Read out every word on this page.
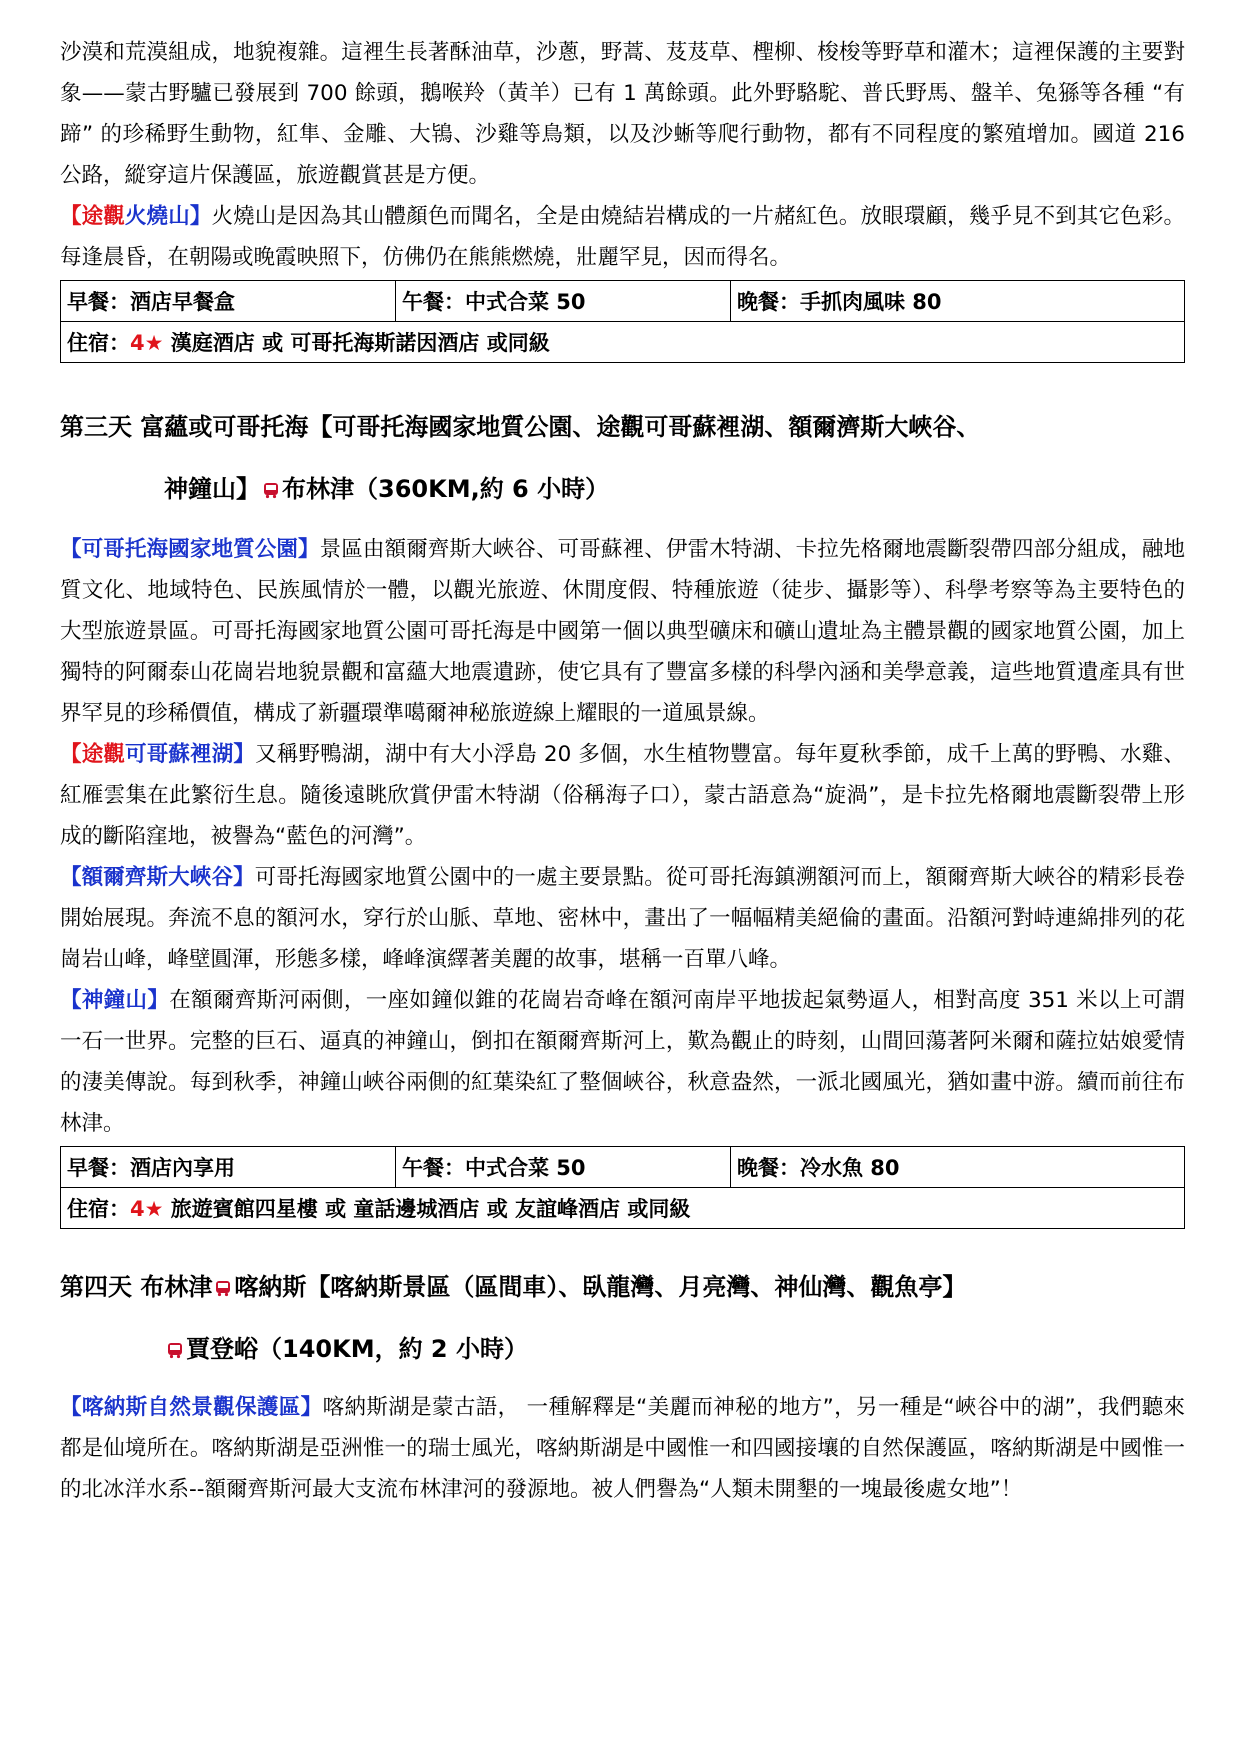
沙漠和荒漠組成，地貌複雜。這裡生長著酥油草，沙蔥，野蒿、芨芨草、檉柳、梭梭等野草和灌木；這裡保護的主要對象——蒙古野驢已發展到 700 餘頭，鵝喉羚（黃羊）已有 1 萬餘頭。此外野駱駝、普氏野馬、盤羊、兔猻等各種 “有蹄” 的珍稀野生動物，紅隼、金雕、大鴇、沙雞等鳥類，以及沙蜥等爬行動物，都有不同程度的繁殖增加。國道 216 公路，縱穿這片保護區，旅遊觀賞甚是方便。

【途觀火燒山】火燒山是因為其山體顏色而聞名，全是由燒結岩構成的一片赭紅色。放眼環顧，幾乎見不到其它色彩。每逢晨昏，在朝陽或晚霞映照下，仿佛仍在熊熊燃燒，壯麗罕見，因而得名。

早餐：酒店早餐盒	午餐：中式合菜 50	晚餐：手抓肉風味 80
住宿：4★ 漢庭酒店 或 可哥托海斯諾因酒店 或同級

第三天 富蘊或可哥托海【可哥托海國家地質公園、途觀可哥蘇裡湖、額爾濟斯大峽谷、

神鐘山】 布林津（360KM,約 6 小時）

【可哥托海國家地質公園】景區由額爾齊斯大峽谷、可哥蘇裡、伊雷木特湖、卡拉先格爾地震斷裂帶四部分組成，融地質文化、地域特色、民族風情於一體，以觀光旅遊、休閒度假、特種旅遊（徒步、攝影等）、科學考察等為主要特色的大型旅遊景區。可哥托海國家地質公園可哥托海是中國第一個以典型礦床和礦山遺址為主體景觀的國家地質公園，加上獨特的阿爾泰山花崗岩地貌景觀和富蘊大地震遺跡，使它具有了豐富多樣的科學內涵和美學意義，這些地質遺產具有世界罕見的珍稀價值，構成了新疆環準噶爾神秘旅遊線上耀眼的一道風景線。

【途觀可哥蘇裡湖】又稱野鴨湖，湖中有大小浮島 20 多個，水生植物豐富。每年夏秋季節，成千上萬的野鴨、水雞、紅雁雲集在此繁衍生息。隨後遠眺欣賞伊雷木特湖（俗稱海子口），蒙古語意為“旋渦”，是卡拉先格爾地震斷裂帶上形成的斷陷窪地，被譽為“藍色的河灣”。

【額爾齊斯大峽谷】可哥托海國家地質公園中的一處主要景點。從可哥托海鎮溯額河而上，額爾齊斯大峽谷的精彩長卷開始展現。奔流不息的額河水，穿行於山脈、草地、密林中，畫出了一幅幅精美絕倫的畫面。沿額河對峙連綿排列的花崗岩山峰，峰壁圓渾，形態多樣，峰峰演繹著美麗的故事，堪稱一百單八峰。

【神鐘山】在額爾齊斯河兩側，一座如鐘似錐的花崗岩奇峰在額河南岸平地拔起氣勢逼人，相對高度 351 米以上可謂一石一世界。完整的巨石、逼真的神鐘山，倒扣在額爾齊斯河上，歎為觀止的時刻，山間回蕩著阿米爾和薩拉姑娘愛情的淒美傳說。每到秋季，神鐘山峽谷兩側的紅葉染紅了整個峽谷，秋意盎然，一派北國風光，猶如畫中游。續而前往布林津。

早餐：酒店內享用	午餐：中式合菜 50	晚餐：冷水魚 80
住宿：4★ 旅遊賓館四星樓 或 童話邊城酒店 或 友誼峰酒店 或同級

第四天 布林津 喀納斯【喀納斯景區（區間車）、臥龍灣、月亮灣、神仙灣、觀魚亭】

賈登峪（140KM，約 2 小時）

【喀納斯自然景觀保護區】喀納斯湖是蒙古語， 一種解釋是“美麗而神秘的地方”，另一種是“峽谷中的湖”，我們聽來都是仙境所在。喀納斯湖是亞洲惟一的瑞士風光，喀納斯湖是中國惟一和四國接壤的自然保護區，喀納斯湖是中國惟一的北冰洋水系--額爾齊斯河最大支流布林津河的發源地。被人們譽為“人類未開墾的一塊最後處女地”！
